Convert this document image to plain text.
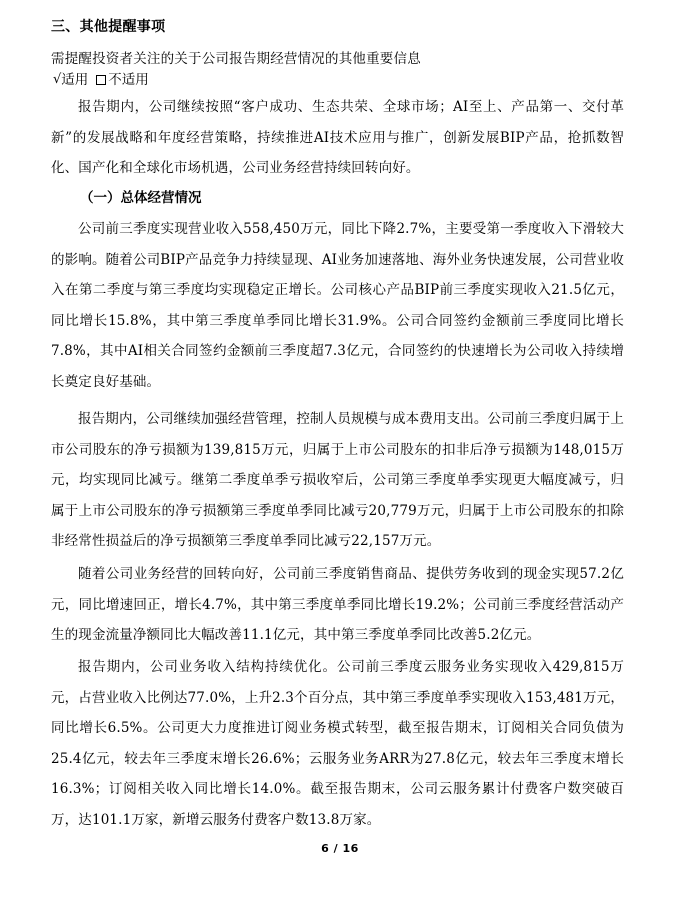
三、其他提醒事项
需提醒投资者关注的关于公司报告期经营情况的其他重要信息
√ 适用 不适用

报告期内，公司继续按照“客户成功、生态共荣、全球市场；AI至上、产品第一、交付革新”的发展战略和年度经营策略，持续推进AI技术应用与推广，创新发展BIP产品，抢抓数智化、国产化和全球化市场机遇，公司业务经营持续回转向好。

（一）总体经营情况

公司前三季度实现营业收入558,450万元，同比下降2.7%，主要受第一季度收入下滑较大的影响。随着公司BIP产品竞争力持续显现、AI业务加速落地、海外业务快速发展，公司营业收入在第二季度与第三季度均实现稳定正增长。公司核心产品BIP前三季度实现收入21.5亿元，同比增长15.8%，其中第三季度单季同比增长31.9%。公司合同签约金额前三季度同比增长7.8%，其中AI相关合同签约金额前三季度超7.3亿元，合同签约的快速增长为公司收入持续增长奠定良好基础。

报告期内，公司继续加强经营管理，控制人员规模与成本费用支出。公司前三季度归属于上市公司股东的净亏损额为139,815万元，归属于上市公司股东的扣非后净亏损额为148,015万元，均实现同比减亏。继第二季度单季亏损收窄后，公司第三季度单季实现更大幅度减亏，归属于上市公司股东的净亏损额第三季度单季同比减亏20,779万元，归属于上市公司股东的扣除非经常性损益后的净亏损额第三季度单季同比减亏22,157万元。

随着公司业务经营的回转向好，公司前三季度销售商品、提供劳务收到的现金实现57.2亿元，同比增速回正，增长4.7%，其中第三季度单季同比增长19.2%；公司前三季度经营活动产生的现金流量净额同比大幅改善11.1亿元，其中第三季度单季同比改善5.2亿元。

报告期内，公司业务收入结构持续优化。公司前三季度云服务业务实现收入429,815万元，占营业收入比例达77.0%，上升2.3个百分点，其中第三季度单季实现收入153,481万元，同比增长6.5%。公司更大力度推进订阅业务模式转型，截至报告期末，订阅相关合同负债为25.4亿元，较去年三季度末增长26.6%；云服务业务ARR为27.8亿元，较去年三季度末增长16.3%；订阅相关收入同比增长14.0%。截至报告期末，公司云服务累计付费客户数突破百万，达101.1万家，新增云服务付费客户数13.8万家。

6 / 16
